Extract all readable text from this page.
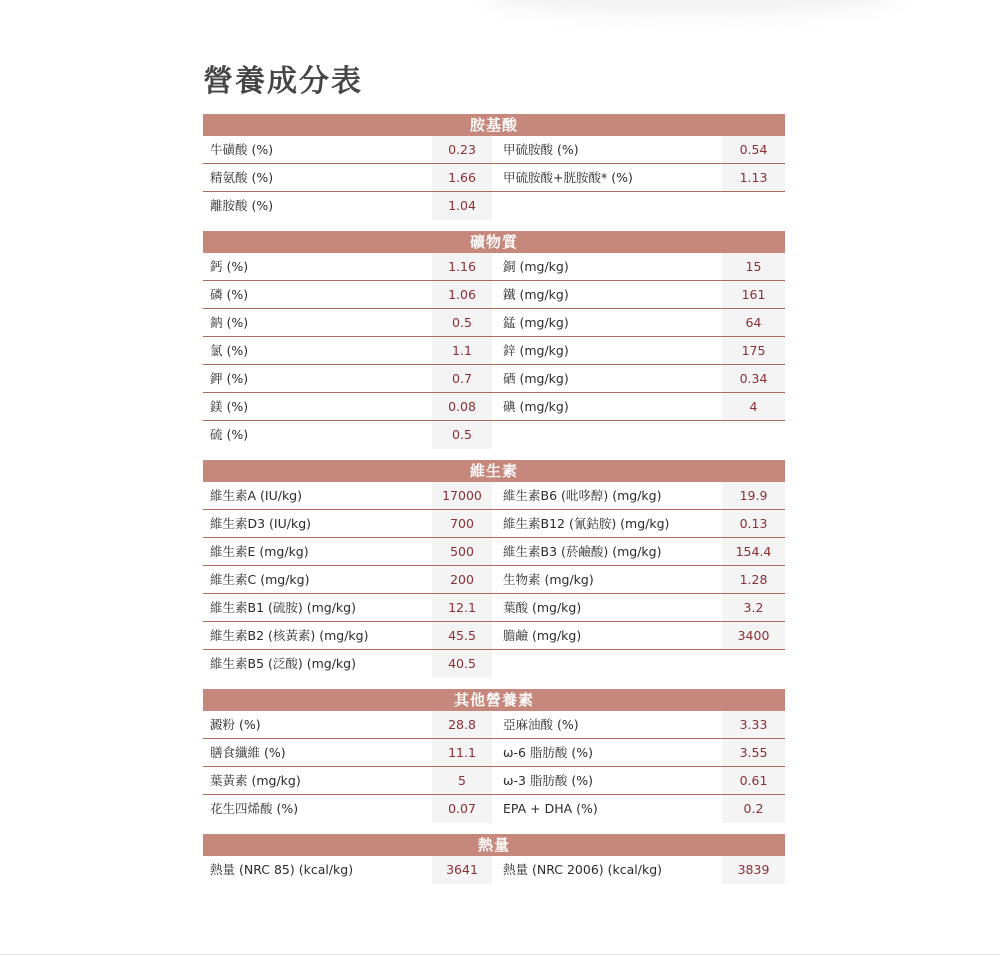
營養成分表
胺基酸
牛磺酸 (%)	0.23	甲硫胺酸 (%)	0.54
精氨酸 (%)	1.66	甲硫胺酸+胱胺酸* (%)	1.13
離胺酸 (%)	1.04
礦物質
鈣 (%)	1.16	銅 (mg/kg)	15
磷 (%)	1.06	鐵 (mg/kg)	161
鈉 (%)	0.5	錳 (mg/kg)	64
氯 (%)	1.1	鋅 (mg/kg)	175
鉀 (%)	0.7	硒 (mg/kg)	0.34
鎂 (%)	0.08	碘 (mg/kg)	4
硫 (%)	0.5
維生素
維生素A (IU/kg)	17000	維生素B6 (吡哆醇) (mg/kg)	19.9
維生素D3 (IU/kg)	700	維生素B12 (氰鈷胺) (mg/kg)	0.13
維生素E (mg/kg)	500	維生素B3 (菸鹼酸) (mg/kg)	154.4
維生素C (mg/kg)	200	生物素 (mg/kg)	1.28
維生素B1 (硫胺) (mg/kg)	12.1	葉酸 (mg/kg)	3.2
維生素B2 (核黃素) (mg/kg)	45.5	膽鹼 (mg/kg)	3400
維生素B5 (泛酸) (mg/kg)	40.5
其他營養素
澱粉 (%)	28.8	亞麻油酸 (%)	3.33
膳食纖維 (%)	11.1	ω-6 脂肪酸 (%)	3.55
葉黃素 (mg/kg)	5	ω-3 脂肪酸 (%)	0.61
花生四烯酸 (%)	0.07	EPA + DHA (%)	0.2
熱量
熱量 (NRC 85) (kcal/kg)	3641	熱量 (NRC 2006) (kcal/kg)	3839
